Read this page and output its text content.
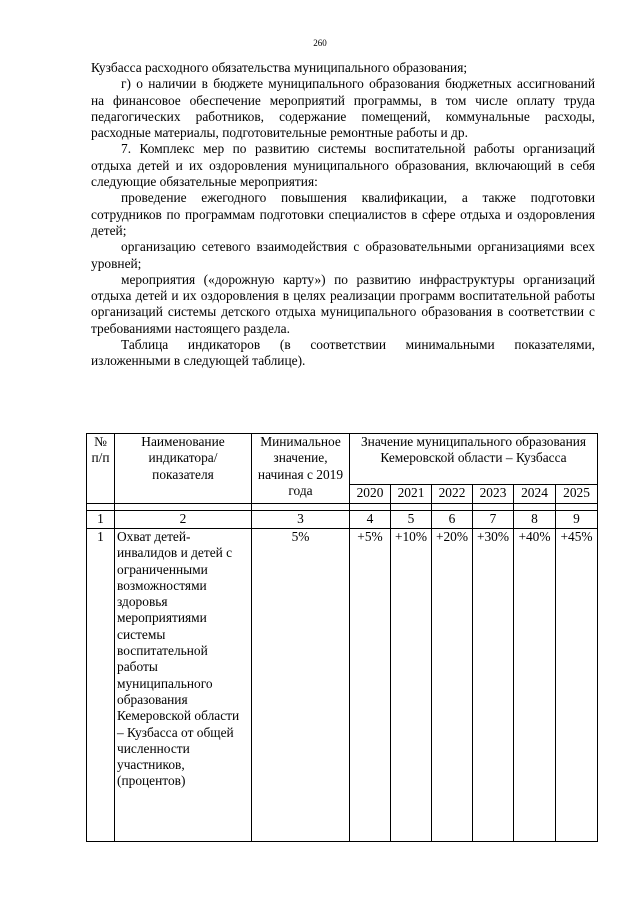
260

Кузбасса расходного обязательства муниципального образования;

г) о наличии в бюджете муниципального образования бюджетных ассигнований на финансовое обеспечение мероприятий программы, в том числе оплату труда педагогических работников, содержание помещений, коммунальные расходы, расходные материалы, подготовительные ремонтные работы и др.

7. Комплекс мер по развитию системы воспитательной работы организаций отдыха детей и их оздоровления муниципального образования, включающий в себя следующие обязательные мероприятия:

проведение ежегодного повышения квалификации, а также подготовки сотрудников по программам подготовки специалистов в сфере отдыха и оздоровления детей;

организацию сетевого взаимодействия с образовательными организациями всех уровней;

мероприятия («дорожную карту») по развитию инфраструктуры организаций отдыха детей и их оздоровления в целях реализации программ воспитательной работы организаций системы детского отдыха муниципального образования в соответствии с требованиями настоящего раздела.

Таблица индикаторов (в соответствии минимальными показателями, изложенными в следующей таблице).

№ п/п	Наименование индикатора/ показателя	Минимальное значение, начиная с 2019 года	Значение муниципального образования Кемеровской области – Кузбасса					
			2020	2021	2022	2023	2024	2025

1	2	3	4	5	6	7	8	9
1	Охват детей-инвалидов и детей с ограниченными возможностями здоровья мероприятиями системы воспитательной работы муниципального образования Кемеровской области – Кузбасса от общей численности участников, (процентов)	5%	+5%	+10%	+20%	+30%	+40%	+45%
